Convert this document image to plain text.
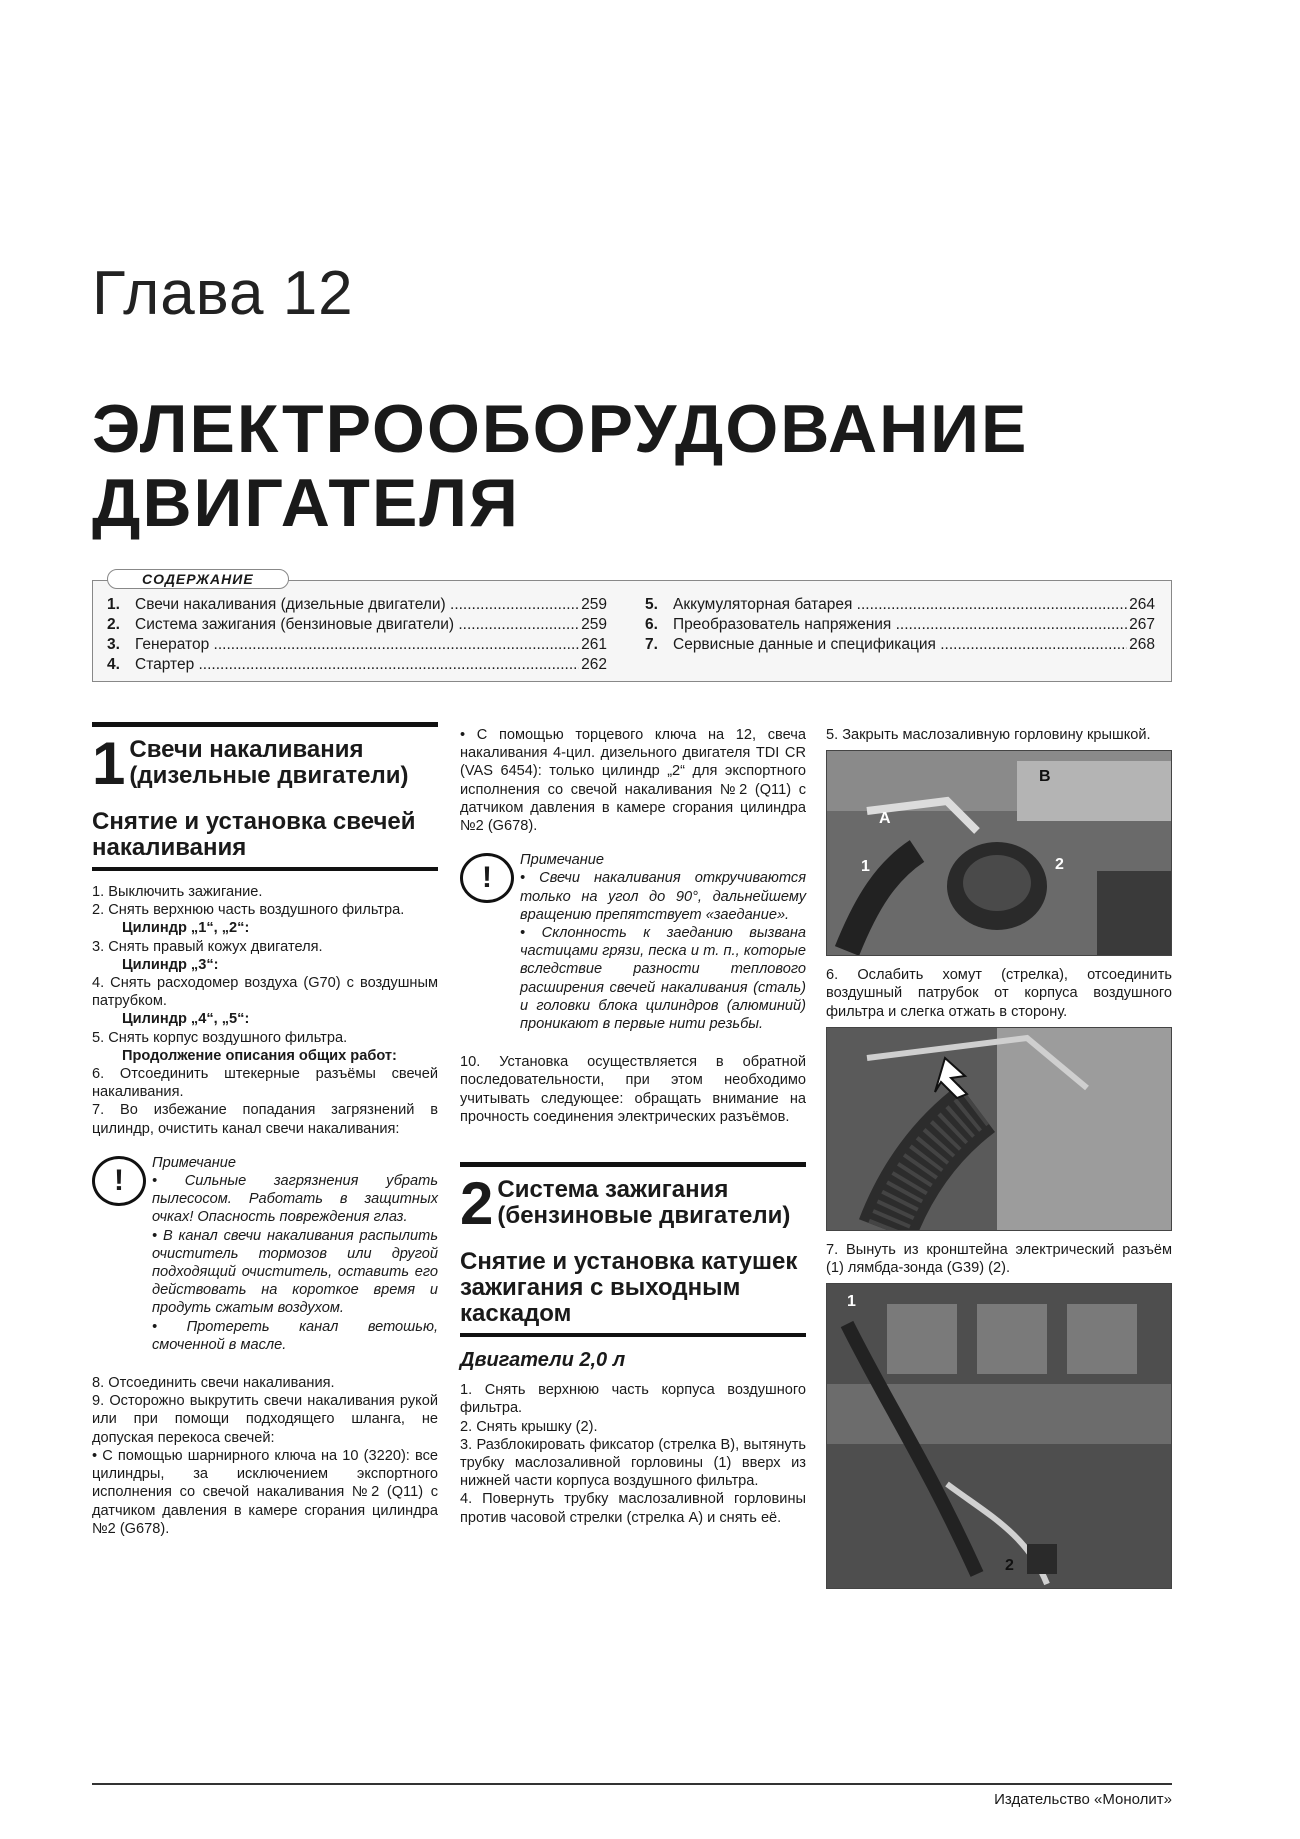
Глава 12
ЭЛЕКТРООБОРУДОВАНИЕ
ДВИГАТЕЛЯ
СОДЕРЖАНИЕ
1. Свечи накаливания (дизельные двигатели) .....	259
2. Система зажигания (бензиновые двигатели) .....	259
3. Генератор .....	261
4. Стартер .....	262
5. Аккумуляторная батарея .....	264
6. Преобразователь напряжения .....	267
7. Сервисные данные и спецификация .....	268
1 Свечи накаливания (дизельные двигатели)
Снятие и установка свечей накаливания

1. Выключить зажигание.

2. Снять верхнюю часть воздушного фильтра.

Цилиндр „1“, „2“:

3. Снять правый кожух двигателя.

Цилиндр „3“:

4. Снять расходомер воздуха (G70) с воздушным патрубком.

Цилиндр „4“, „5“:

5. Снять корпус воздушного фильтра.

Продолжение описания общих работ:

6. Отсоединить штекерные разъёмы свечей накаливания.

7. Во избежание попадания загрязнений в цилиндр, очистить канал свечи накаливания:

!
Примечание
• Сильные загрязнения убрать пылесосом. Работать в защитных очках! Опасность повреждения глаз.
• В канал свечи накаливания распылить очиститель тормозов или другой подходящий очиститель, оставить его действовать на короткое время и продуть сжатым воздухом.
• Протереть канал ветошью, смоченной в масле.

8. Отсоединить свечи накаливания.

9. Осторожно выкрутить свечи накаливания рукой или при помощи подходящего шланга, не допуская перекоса свечей:

• С помощью шарнирного ключа на 10 (3220): все цилиндры, за исключением экспортного исполнения со свечой накаливания №2 (Q11) с датчиком давления в камере сгорания цилиндра №2 (G678).

• С помощью торцевого ключа на 12, свеча накаливания 4-цил. дизельного двигателя TDI CR (VAS 6454): только цилиндр „2“ для экспортного исполнения со свечой накаливания №2 (Q11) с датчиком давления в камере сгорания цилиндра №2 (G678).

!
Примечание
• Свечи накаливания откручиваются только на угол до 90°, дальнейшему вращению препятствует «заедание».
• Склонность к заеданию вызвана частицами грязи, песка и т. п., которые вследствие разности теплового расширения свечей накаливания (сталь) и головки блока цилиндров (алюминий) проникают в первые нити резьбы.

10. Установка осуществляется в обратной последовательности, при этом необходимо учитывать следующее: обращать внимание на прочность соединения электрических разъёмов.

2 Система зажигания (бензиновые двигатели)
Снятие и установка катушек зажигания с выходным каскадом
Двигатели 2,0 л

1. Снять верхнюю часть корпуса воздушного фильтра.

2. Снять крышку (2).

3. Разблокировать фиксатор (стрелка B), вытянуть трубку маслозаливной горловины (1) вверх из нижней части корпуса воздушного фильтра.

4. Повернуть трубку маслозаливной горловины против часовой стрелки (стрелка A) и снять её.

5. Закрыть маслозаливную горловину крышкой.

A
B
1	2

6. Ослабить хомут (стрелка), отсоединить воздушный патрубок от корпуса воздушного фильтра и слегка отжать в сторону.

7. Вынуть из кронштейна электрический разъём (1) лямбда-зонда (G39) (2).

1
2
Издательство «Монолит»
